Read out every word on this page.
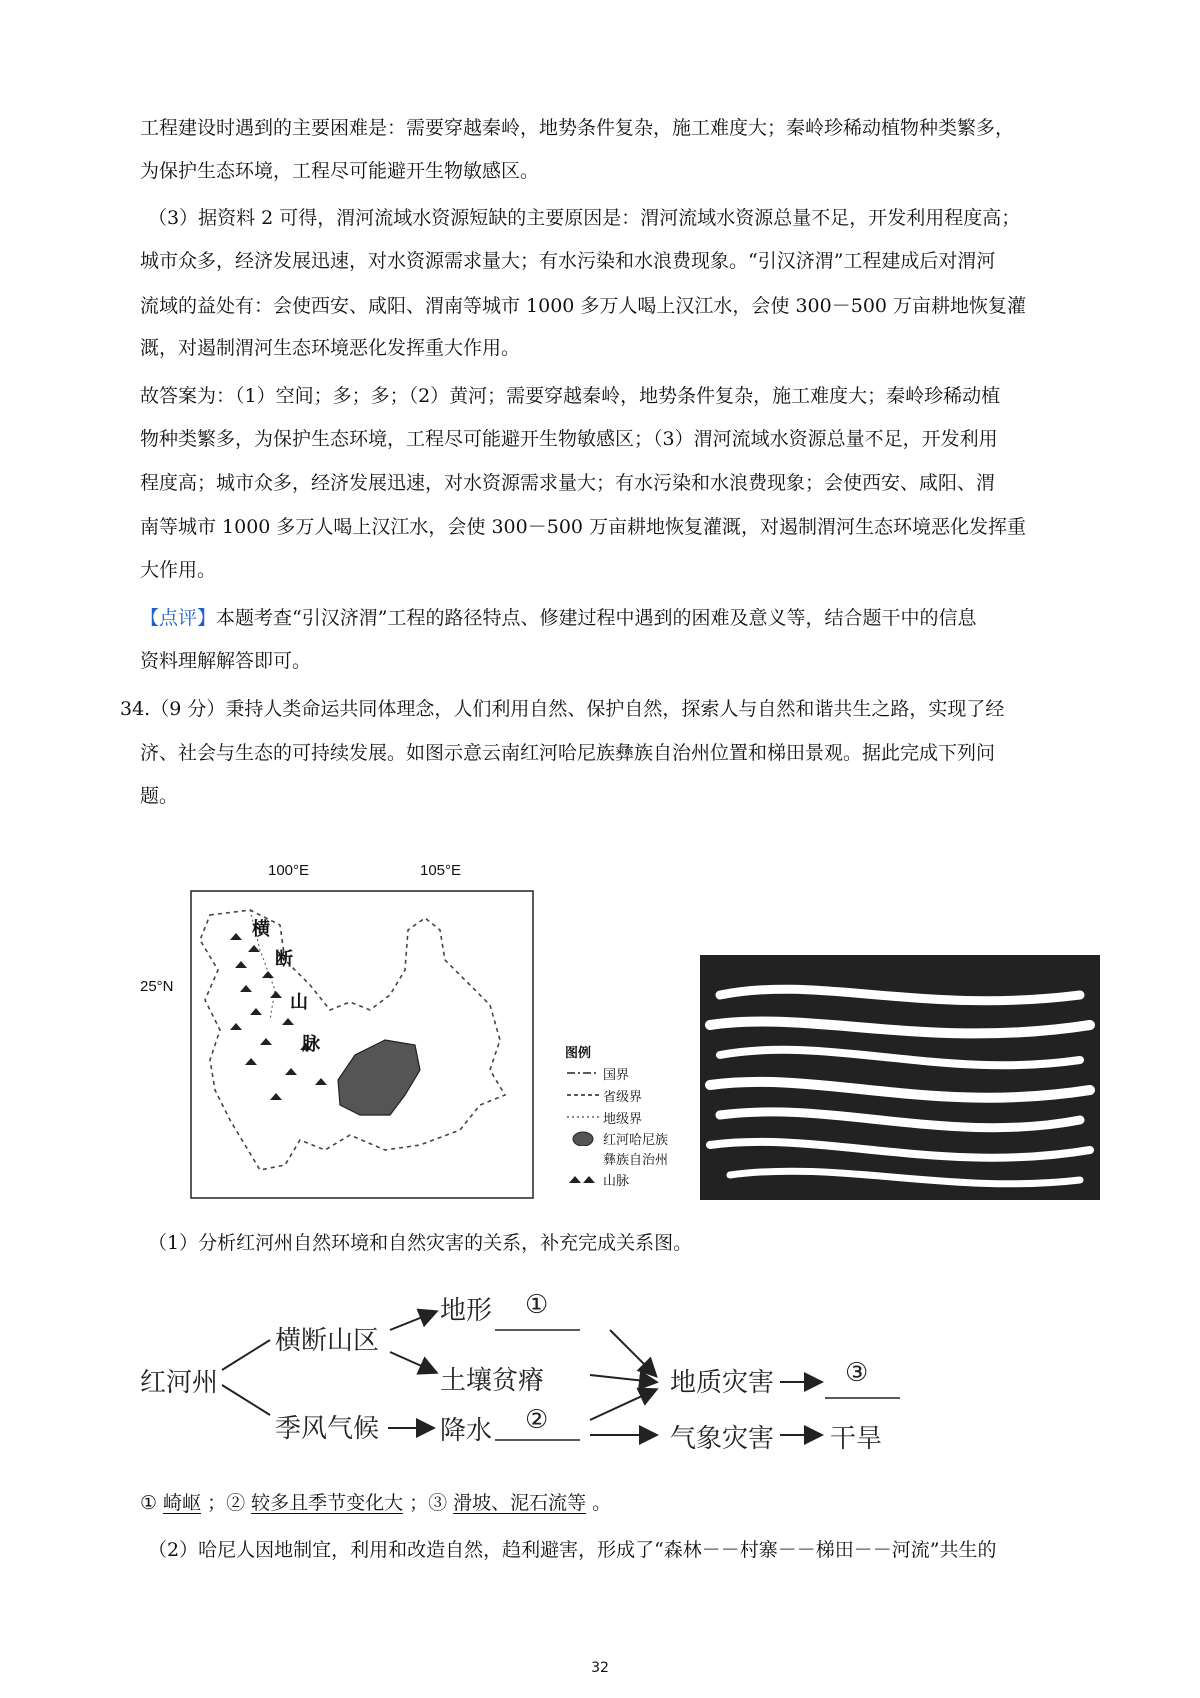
工程建设时遇到的主要困难是：需要穿越秦岭，地势条件复杂，施工难度大；秦岭珍稀动植物种类繁多，
为保护生态环境，工程尽可能避开生物敏感区。
（3）据资料 2 可得，渭河流域水资源短缺的主要原因是：渭河流域水资源总量不足，开发利用程度高；
城市众多，经济发展迅速，对水资源需求量大；有水污染和水浪费现象。“引汉济渭”工程建成后对渭河
流域的益处有：会使西安、咸阳、渭南等城市 1000 多万人喝上汉江水，会使 300－500 万亩耕地恢复灌
溉，对遏制渭河生态环境恶化发挥重大作用。
故答案为：（1）空间；多；多；（2）黄河；需要穿越秦岭，地势条件复杂，施工难度大；秦岭珍稀动植
物种类繁多，为保护生态环境，工程尽可能避开生物敏感区；（3）渭河流域水资源总量不足，开发利用
程度高；城市众多，经济发展迅速，对水资源需求量大；有水污染和水浪费现象；会使西安、咸阳、渭
南等城市 1000 多万人喝上汉江水，会使 300－500 万亩耕地恢复灌溉，对遏制渭河生态环境恶化发挥重
大作用。
【点评】本题考查“引汉济渭”工程的路径特点、修建过程中遇到的困难及意义等，结合题干中的信息
资料理解解答即可。
34.（9 分）秉持人类命运共同体理念，人们利用自然、保护自然，探索人与自然和谐共生之路，实现了经
济、社会与生态的可持续发展。如图示意云南红河哈尼族彝族自治州位置和梯田景观。据此完成下列问
题。
100°E	105°E
25°N
横
断
山
脉	图例
国界
省级界
地级界
红河哈尼族
彝族自治州
山脉
（1）分析红河州自然环境和自然灾害的关系，补充完成关系图。
红河州
横断山区
季风气候
地形 ①
土壤贫瘠
降水 ②
地质灾害
气象灾害
③
干旱
① 崎岖 ；② 较多且季节变化大 ；③ 滑坡、泥石流等 。
（2）哈尼人因地制宜，利用和改造自然，趋利避害，形成了“森林－－村寨－－梯田－－河流”共生的
32
